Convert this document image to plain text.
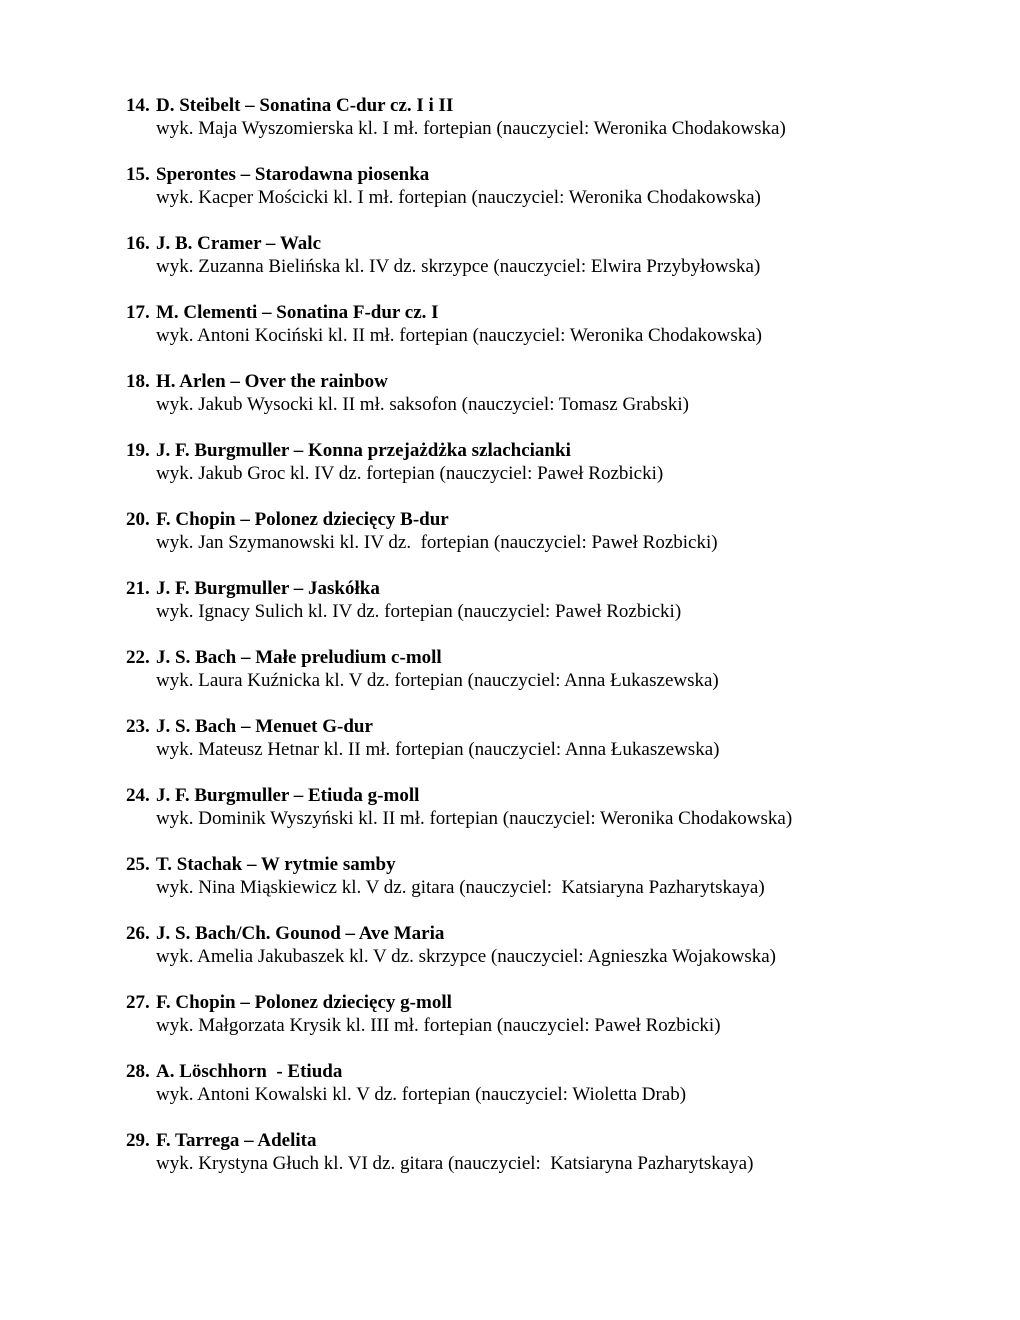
14. D. Steibelt – Sonatina C-dur cz. I i II
wyk. Maja Wyszomierska kl. I mł. fortepian (nauczyciel: Weronika Chodakowska)
15. Sperontes – Starodawna piosenka
wyk. Kacper Mościcki kl. I mł. fortepian (nauczyciel: Weronika Chodakowska)
16. J. B. Cramer – Walc
wyk. Zuzanna Bielińska kl. IV dz. skrzypce (nauczyciel: Elwira Przybyłowska)
17. M. Clementi – Sonatina F-dur cz. I
wyk. Antoni Kociński kl. II mł. fortepian (nauczyciel: Weronika Chodakowska)
18. H. Arlen – Over the rainbow
wyk. Jakub Wysocki kl. II mł. saksofon (nauczyciel: Tomasz Grabski)
19. J. F. Burgmuller – Konna przejażdżka szlachcianki
wyk. Jakub Groc kl. IV dz. fortepian (nauczyciel: Paweł Rozbicki)
20. F. Chopin – Polonez dziecięcy B-dur
wyk. Jan Szymanowski kl. IV dz.  fortepian (nauczyciel: Paweł Rozbicki)
21. J. F. Burgmuller – Jaskółka
wyk. Ignacy Sulich kl. IV dz. fortepian (nauczyciel: Paweł Rozbicki)
22. J. S. Bach – Małe preludium c-moll
wyk. Laura Kuźnicka kl. V dz. fortepian (nauczyciel: Anna Łukaszewska)
23. J. S. Bach – Menuet G-dur
wyk. Mateusz Hetnar kl. II mł. fortepian (nauczyciel: Anna Łukaszewska)
24. J. F. Burgmuller – Etiuda g-moll
wyk. Dominik Wyszyński kl. II mł. fortepian (nauczyciel: Weronika Chodakowska)
25. T. Stachak – W rytmie samby
wyk. Nina Miąskiewicz kl. V dz. gitara (nauczyciel:  Katsiaryna Pazharytskaya)
26. J. S. Bach/Ch. Gounod – Ave Maria
wyk. Amelia Jakubaszek kl. V dz. skrzypce (nauczyciel: Agnieszka Wojakowska)
27. F. Chopin – Polonez dziecięcy g-moll
wyk. Małgorzata Krysik kl. III mł. fortepian (nauczyciel: Paweł Rozbicki)
28. A. Löschhorn  - Etiuda
wyk. Antoni Kowalski kl. V dz. fortepian (nauczyciel: Wioletta Drab)
29. F. Tarrega – Adelita
wyk. Krystyna Głuch kl. VI dz. gitara (nauczyciel:  Katsiaryna Pazharytskaya)
